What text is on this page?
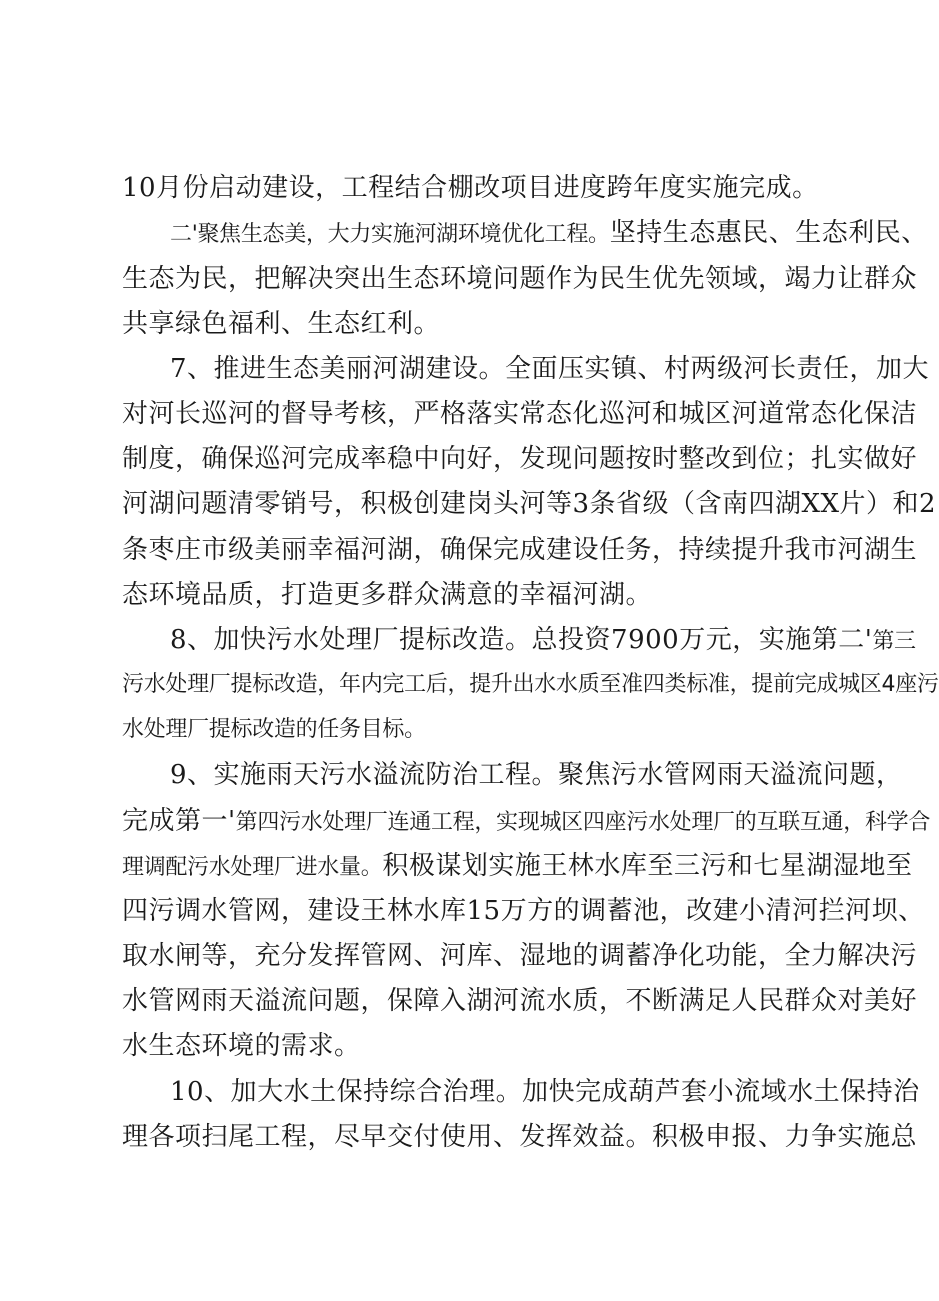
10月份启动建设，工程结合棚改项目进度跨年度实施完成。
二'聚焦生态美，大力实施河湖环境优化工程。坚持生态惠民、生态利民、
生态为民，把解决突出生态环境问题作为民生优先领域，竭力让群众
共享绿色福利、生态红利。
7、推进生态美丽河湖建设。全面压实镇、村两级河长责任，加大
对河长巡河的督导考核，严格落实常态化巡河和城区河道常态化保洁
制度，确保巡河完成率稳中向好，发现问题按时整改到位；扎实做好
河湖问题清零销号，积极创建岗头河等3条省级（含南四湖XX片）和2
条枣庄市级美丽幸福河湖，确保完成建设任务，持续提升我市河湖生
态环境品质，打造更多群众满意的幸福河湖。
8、加快污水处理厂提标改造。总投资7900万元，实施第二'第三
污水处理厂提标改造，年内完工后，提升出水水质至准四类标准，提前完成城区4座污
水处理厂提标改造的任务目标。
9、实施雨天污水溢流防治工程。聚焦污水管网雨天溢流问题，
完成第一'第四污水处理厂连通工程，实现城区四座污水处理厂的互联互通，科学合
理调配污水处理厂进水量。积极谋划实施王林水库至三污和七星湖湿地至
四污调水管网，建设王林水库15万方的调蓄池，改建小清河拦河坝、
取水闸等，充分发挥管网、河库、湿地的调蓄净化功能，全力解决污
水管网雨天溢流问题，保障入湖河流水质，不断满足人民群众对美好
水生态环境的需求。
10、加大水土保持综合治理。加快完成葫芦套小流域水土保持治
理各项扫尾工程，尽早交付使用、发挥效益。积极申报、力争实施总
